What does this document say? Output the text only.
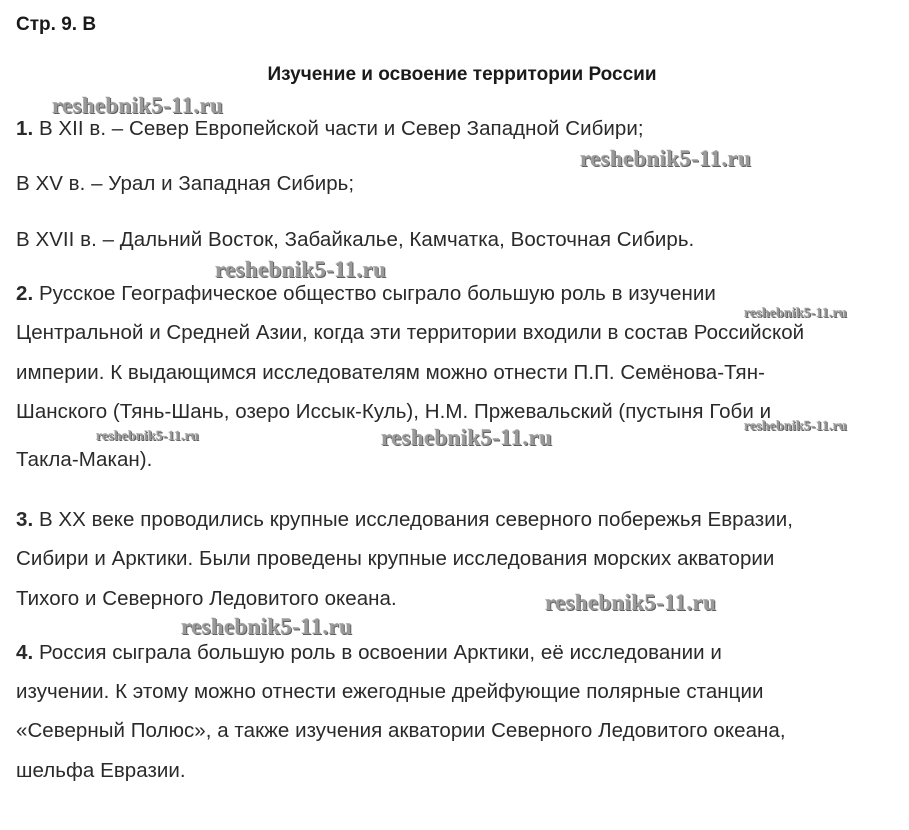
Стр. 9. В
Изучение и освоение территории России
1. В XII в. – Север Европейской части и Север Западной Сибири;
В XV в. – Урал и Западная Сибирь;
В XVII в. – Дальний Восток, Забайкалье, Камчатка, Восточная Сибирь.
2. Русское Географическое общество сыграло большую роль в изучении
Центральной и Средней Азии, когда эти территории входили в состав Российской
империи. К выдающимся исследователям можно отнести П.П. Семёнова-Тян-
Шанского (Тянь-Шань, озеро Иссык-Куль), Н.М. Пржевальский (пустыня Гоби и
Такла-Макан).
3. В XX веке проводились крупные исследования северного побережья Евразии,
Сибири и Арктики. Были проведены крупные исследования морских акватории
Тихого и Северного Ледовитого океана.
4. Россия сыграла большую роль в освоении Арктики, её исследовании и
изучении. К этому можно отнести ежегодные дрейфующие полярные станции
«Северный Полюс», а также изучения акватории Северного Ледовитого океана,
шельфа Евразии.
reshebnik5-11.ru
reshebnik5-11.ru
reshebnik5-11.ru
reshebnik5-11.ru
reshebnik5-11.ru
reshebnik5-11.ru	reshebnik5-11.ru
reshebnik5-11.ru
reshebnik5-11.ru
